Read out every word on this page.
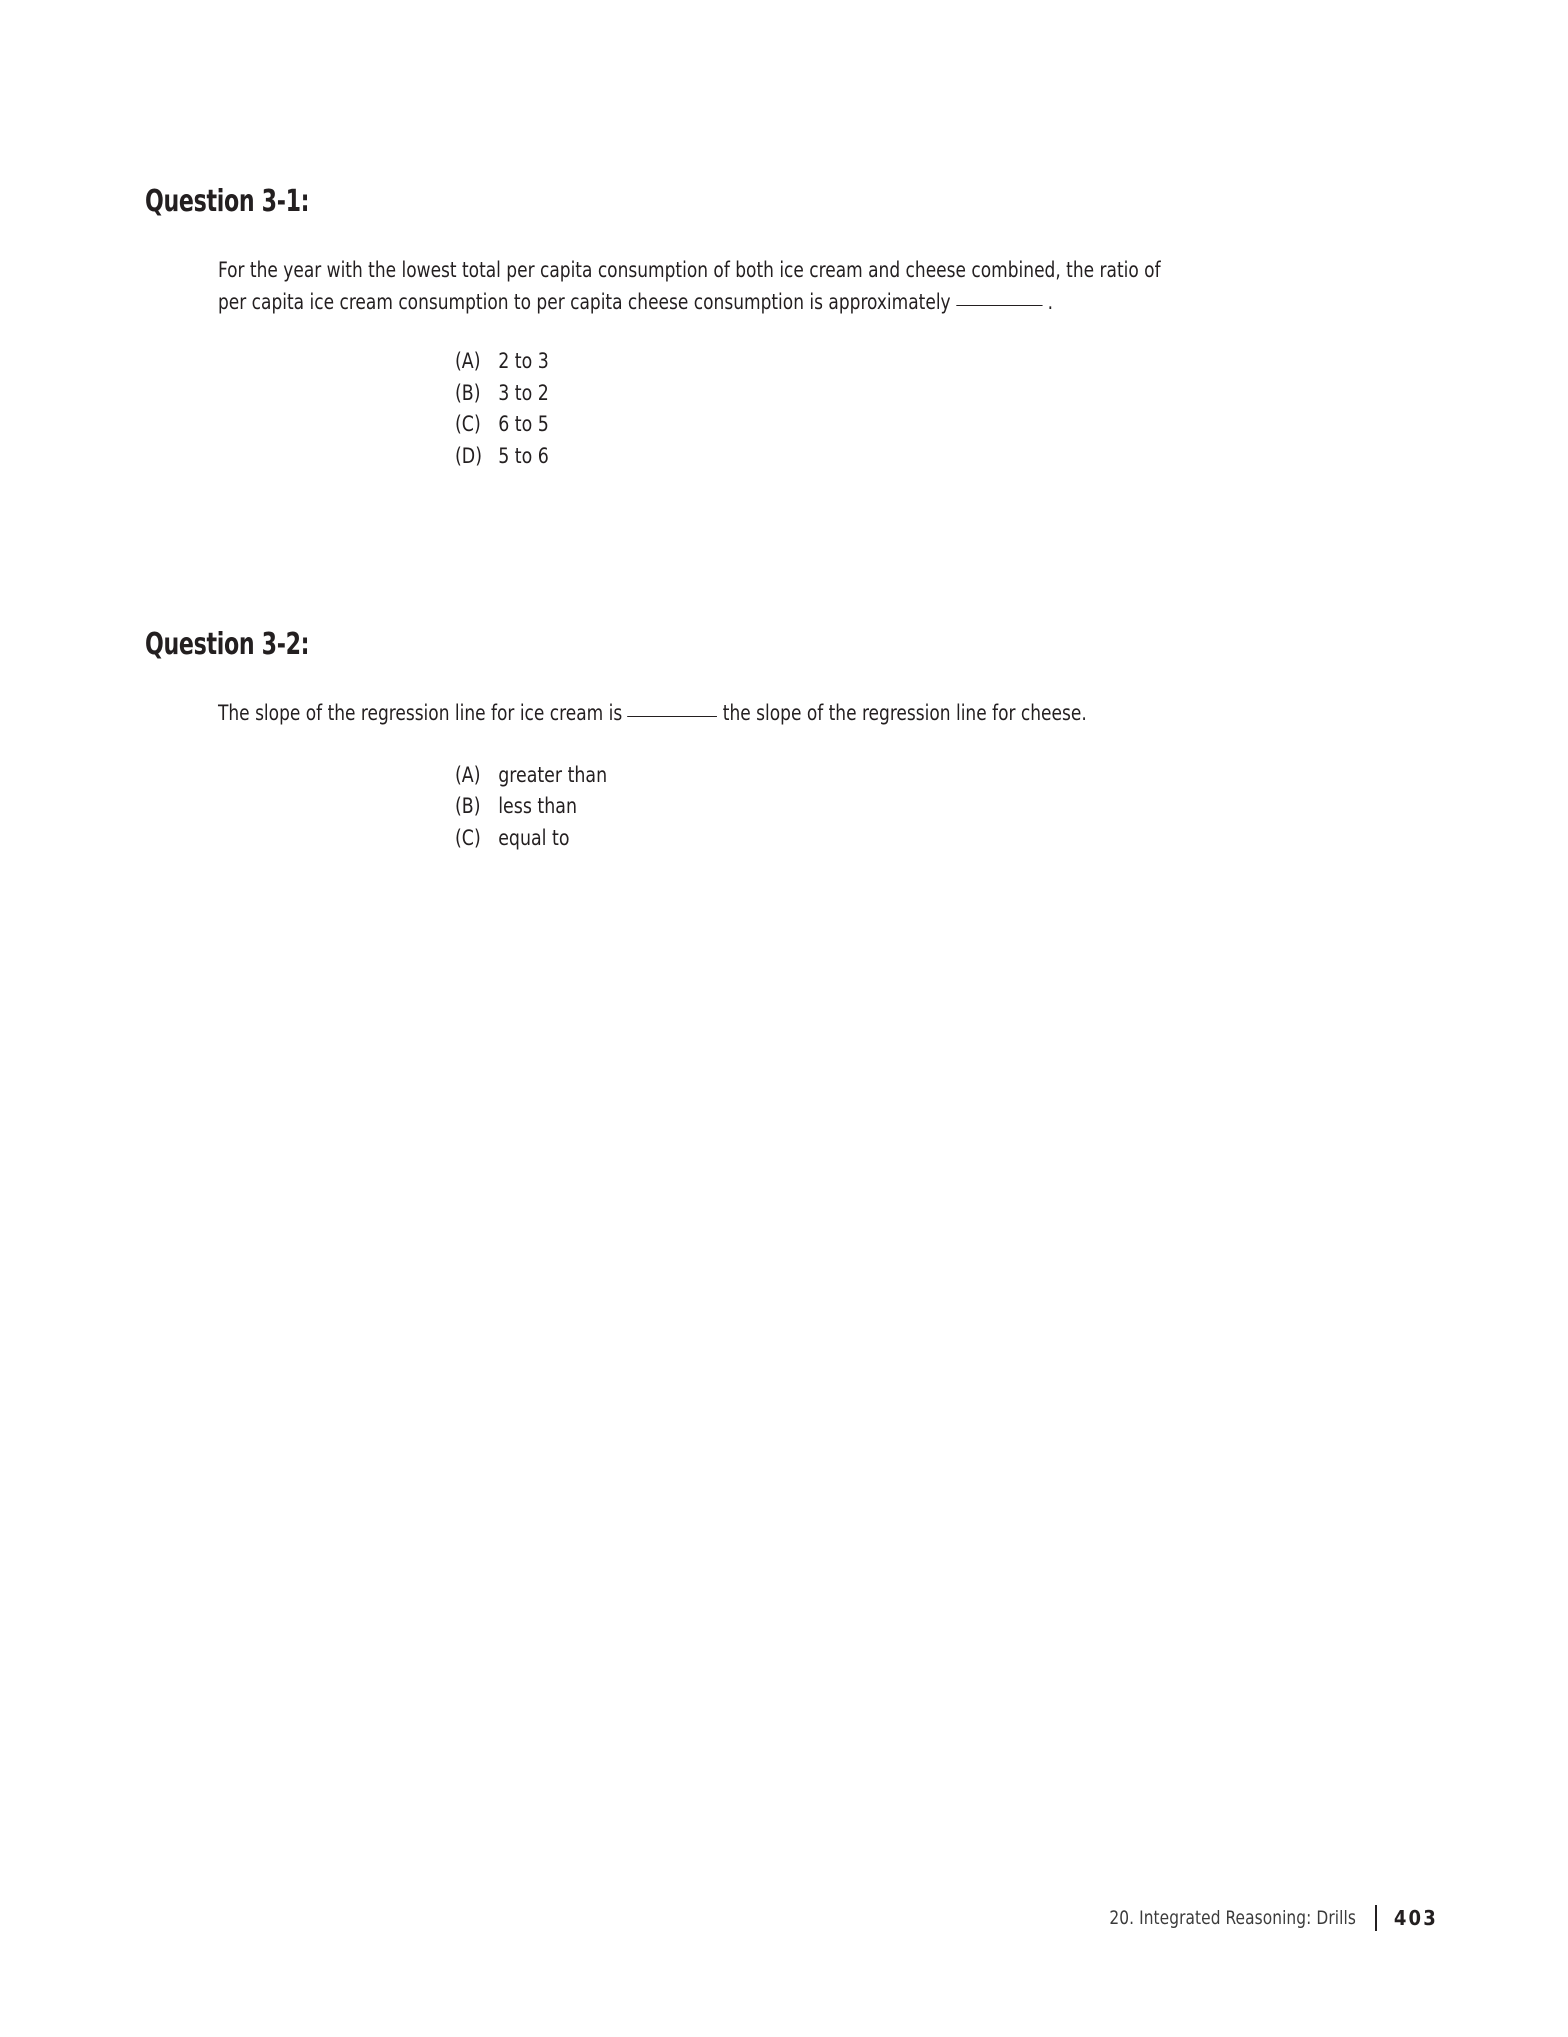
Question 3-1:

For the year with the lowest total per capita consumption of both ice cream and cheese combined, the ratio of per capita ice cream consumption to per capita cheese consumption is approximately	.

(A) 2 to 3
(B) 3 to 2
(C) 6 to 5
(D) 5 to 6
Question 3-2:

The slope of the regression line for ice cream is	the slope of the regression line for cheese.

(A) greater than
(B) less than
(C) equal to
20. Integrated Reasoning: Drills 403
